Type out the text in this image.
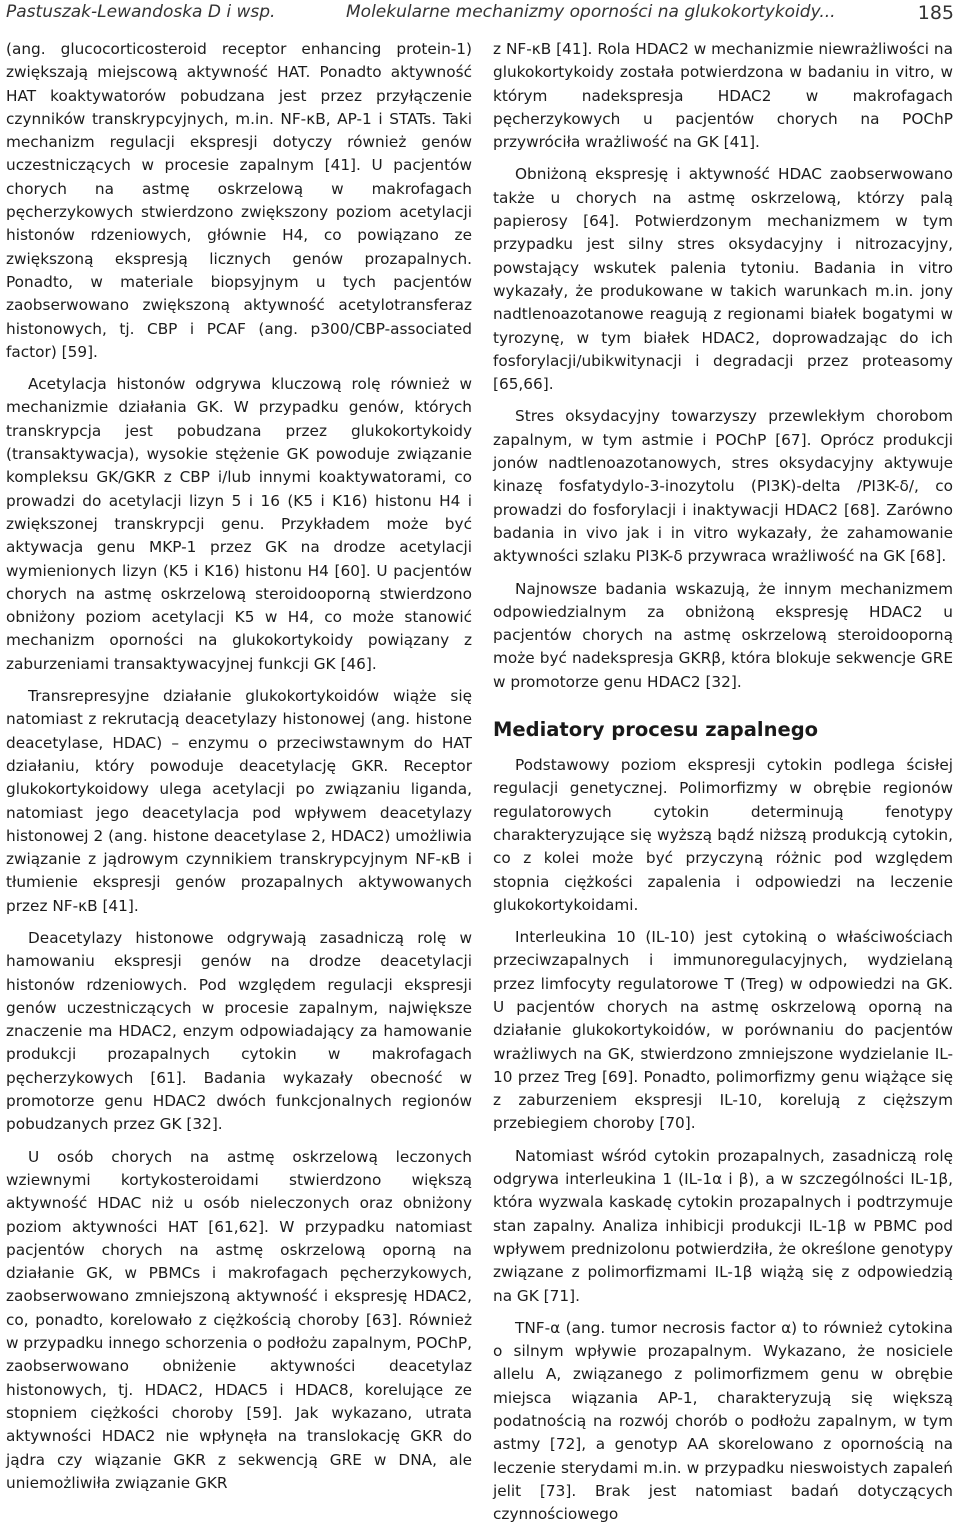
Pastuszak-Lewandoska D i wsp.	Molekularne mechanizmy oporności na glukokortykoidy...	185

(ang. glucocorticosteroid receptor enhancing protein-1) zwiększają miejscową aktywność HAT. Ponadto aktywność HAT koaktywatorów pobudzana jest przez przyłączenie czynników transkrypcyjnych, m.in. NF-κB, AP-1 i STATs. Taki mechanizm regulacji ekspresji dotyczy również genów uczestniczących w procesie zapalnym [41]. U pacjentów chorych na astmę oskrzelową w makrofagach pęcherzykowych stwierdzono zwiększony poziom acetylacji histonów rdzeniowych, głównie H4, co powiązano ze zwiększoną ekspresją licznych genów prozapalnych. Ponadto, w materiale biopsyjnym u tych pacjentów zaobserwowano zwiększoną aktywność acetylotransferaz histonowych, tj. CBP i PCAF (ang. p300/CBP-associated factor) [59].

Acetylacja histonów odgrywa kluczową rolę również w mechanizmie działania GK. W przypadku genów, których transkrypcja jest pobudzana przez glukokortykoidy (transaktywacja), wysokie stężenie GK powoduje związanie kompleksu GK/GKR z CBP i/lub innymi koaktywatorami, co prowadzi do acetylacji lizyn 5 i 16 (K5 i K16) histonu H4 i zwiększonej transkrypcji genu. Przykładem może być aktywacja genu MKP-1 przez GK na drodze acetylacji wymienionych lizyn (K5 i K16) histonu H4 [60]. U pacjentów chorych na astmę oskrzelową steroidooporną stwierdzono obniżony poziom acetylacji K5 w H4, co może stanowić mechanizm oporności na glukokortykoidy powiązany z zaburzeniami transaktywacyjnej funkcji GK [46].

Transrepresyjne działanie glukokortykoidów wiąże się natomiast z rekrutacją deacetylazy histonowej (ang. histone deacetylase, HDAC) – enzymu o przeciwstawnym do HAT działaniu, który powoduje deacetylację GKR. Receptor glukokortykoidowy ulega acetylacji po związaniu liganda, natomiast jego deacetylacja pod wpływem deacetylazy histonowej 2 (ang. histone deacetylase 2, HDAC2) umożliwia związanie z jądrowym czynnikiem transkrypcyjnym NF-κB i tłumienie ekspresji genów prozapalnych aktywowanych przez NF-κB [41].

Deacetylazy histonowe odgrywają zasadniczą rolę w hamowaniu ekspresji genów na drodze deacetylacji histonów rdzeniowych. Pod względem regulacji ekspresji genów uczestniczących w procesie zapalnym, największe znaczenie ma HDAC2, enzym odpowiadający za hamowanie produkcji prozapalnych cytokin w makrofagach pęcherzykowych [61]. Badania wykazały obecność w promotorze genu HDAC2 dwóch funkcjonalnych regionów pobudzanych przez GK [32].

U osób chorych na astmę oskrzelową leczonych wziewnymi kortykosteroidami stwierdzono większą aktywność HDAC niż u osób nieleczonych oraz obniżony poziom aktywności HAT [61,62]. W przypadku natomiast pacjentów chorych na astmę oskrzelową oporną na działanie GK, w PBMCs i makrofagach pęcherzykowych, zaobserwowano zmniejszoną aktywność i ekspresję HDAC2, co, ponadto, korelowało z ciężkością choroby [63]. Również w przypadku innego schorzenia o podłożu zapalnym, POChP, zaobserwowano obniżenie aktywności deacetylaz histonowych, tj. HDAC2, HDAC5 i HDAC8, korelujące ze stopniem ciężkości choroby [59]. Jak wykazano, utrata aktywności HDAC2 nie wpłynęła na translokację GKR do jądra czy wiązanie GKR z sekwencją GRE w DNA, ale uniemożliwiła związanie GKR

z NF-κB [41]. Rola HDAC2 w mechanizmie niewrażliwości na glukokortykoidy została potwierdzona w badaniu in vitro, w którym nadekspresja HDAC2 w makrofagach pęcherzykowych u pacjentów chorych na POChP przywróciła wrażliwość na GK [41].

Obniżoną ekspresję i aktywność HDAC zaobserwowano także u chorych na astmę oskrzelową, którzy palą papierosy [64]. Potwierdzonym mechanizmem w tym przypadku jest silny stres oksydacyjny i nitrozacyjny, powstający wskutek palenia tytoniu. Badania in vitro wykazały, że produkowane w takich warunkach m.in. jony nadtlenoazotanowe reagują z regionami białek bogatymi w tyrozynę, w tym białek HDAC2, doprowadzając do ich fosforylacji/ubikwitynacji i degradacji przez proteasomy [65,66].

Stres oksydacyjny towarzyszy przewlekłym chorobom zapalnym, w tym astmie i POChP [67]. Oprócz produkcji jonów nadtlenoazotanowych, stres oksydacyjny aktywuje kinazę fosfatydylo-3-inozytolu (PI3K)-delta /PI3K-δ/, co prowadzi do fosforylacji i inaktywacji HDAC2 [68]. Zarówno badania in vivo jak i in vitro wykazały, że zahamowanie aktywności szlaku PI3K-δ przywraca wrażliwość na GK [68].

Najnowsze badania wskazują, że innym mechanizmem odpowiedzialnym za obniżoną ekspresję HDAC2 u pacjentów chorych na astmę oskrzelową steroidooporną może być nadekspresja GKRβ, która blokuje sekwencje GRE w promotorze genu HDAC2 [32].

Mediatory procesu zapalnego

Podstawowy poziom ekspresji cytokin podlega ścisłej regulacji genetycznej. Polimorfizmy w obrębie regionów regulatorowych cytokin determinują fenotypy charakteryzujące się wyższą bądź niższą produkcją cytokin, co z kolei może być przyczyną różnic pod względem stopnia ciężkości zapalenia i odpowiedzi na leczenie glukokortykoidami.

Interleukina 10 (IL-10) jest cytokiną o właściwościach przeciwzapalnych i immunoregulacyjnych, wydzielaną przez limfocyty regulatorowe T (Treg) w odpowiedzi na GK. U pacjentów chorych na astmę oskrzelową oporną na działanie glukokortykoidów, w porównaniu do pacjentów wrażliwych na GK, stwierdzono zmniejszone wydzielanie IL-10 przez Treg [69]. Ponadto, polimorfizmy genu wiążące się z zaburzeniem ekspresji IL-10, korelują z cięższym przebiegiem choroby [70].

Natomiast wśród cytokin prozapalnych, zasadniczą rolę odgrywa interleukina 1 (IL-1α i β), a w szczególności IL-1β, która wyzwala kaskadę cytokin prozapalnych i podtrzymuje stan zapalny. Analiza inhibicji produkcji IL-1β w PBMC pod wpływem prednizolonu potwierdziła, że określone genotypy związane z polimorfizmami IL-1β wiążą się z odpowiedzią na GK [71].

TNF-α (ang. tumor necrosis factor α) to również cytokina o silnym wpływie prozapalnym. Wykazano, że nosiciele allelu A, związanego z polimorfizmem genu w obrębie miejsca wiązania AP-1, charakteryzują się większą podatnością na rozwój chorób o podłożu zapalnym, w tym astmy [72], a genotyp AA skorelowano z opornością na leczenie sterydami m.in. w przypadku nieswoistych zapaleń jelit [73]. Brak jest natomiast badań dotyczących czynnościowego
